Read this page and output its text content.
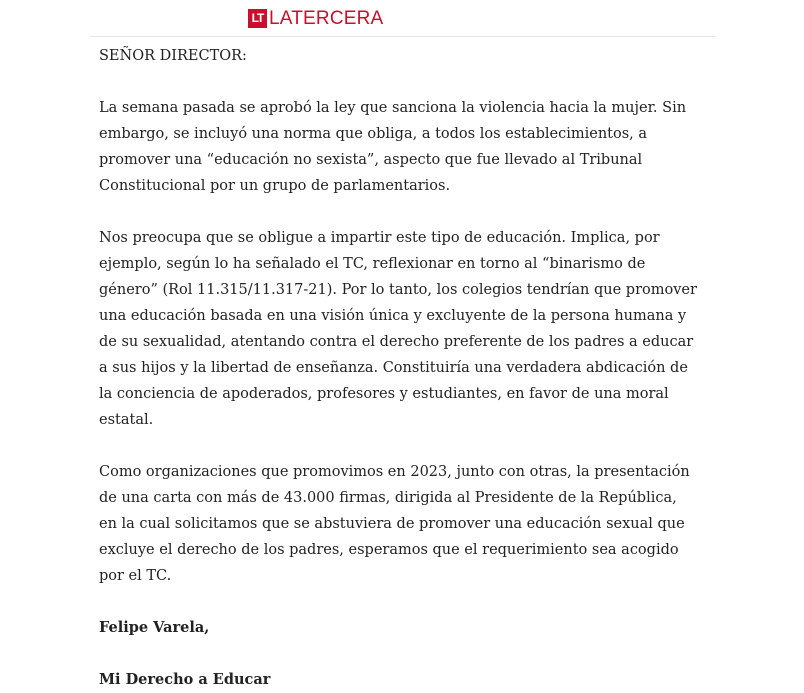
LT LATERCERA

SEÑOR DIRECTOR:

La semana pasada se aprobó la ley que sanciona la violencia hacia la mujer. Sin embargo, se incluyó una norma que obliga, a todos los establecimientos, a promover una “educación no sexista”, aspecto que fue llevado al Tribunal Constitucional por un grupo de parlamentarios.

Nos preocupa que se obligue a impartir este tipo de educación. Implica, por ejemplo, según lo ha señalado el TC, reflexionar en torno al “binarismo de género” (Rol 11.315/11.317-21). Por lo tanto, los colegios tendrían que promover una educación basada en una visión única y excluyente de la persona humana y de su sexualidad, atentando contra el derecho preferente de los padres a educar a sus hijos y la libertad de enseñanza. Constituiría una verdadera abdicación de la conciencia de apoderados, profesores y estudiantes, en favor de una moral estatal.

Como organizaciones que promovimos en 2023, junto con otras, la presentación de una carta con más de 43.000 firmas, dirigida al Presidente de la República, en la cual solicitamos que se abstuviera de promover una educación sexual que excluye el derecho de los padres, esperamos que el requerimiento sea acogido por el TC.

Felipe Varela,

Mi Derecho a Educar
